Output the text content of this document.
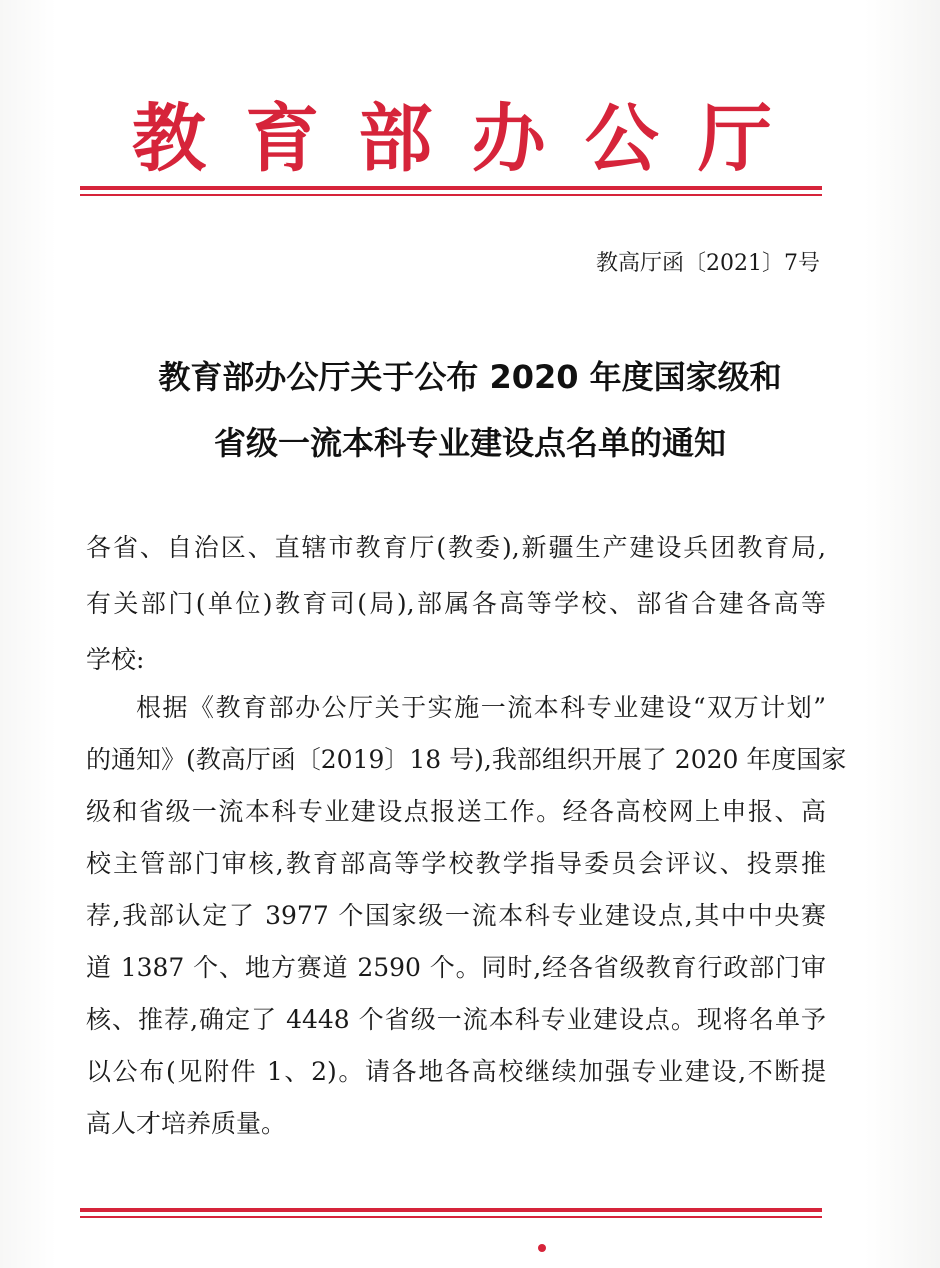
教 育 部 办 公 厅
教高厅函〔2021〕7号
教育部办公厅关于公布 2020 年度国家级和
省级一流本科专业建设点名单的通知
各省、自治区、直辖市教育厅(教委),新疆生产建设兵团教育局,
有关部门(单位)教育司(局),部属各高等学校、部省合建各高等
学校:
根据《教育部办公厅关于实施一流本科专业建设“双万计划”
的通知》(教高厅函〔2019〕18 号),我部组织开展了 2020 年度国家
级和省级一流本科专业建设点报送工作。经各高校网上申报、高
校主管部门审核,教育部高等学校教学指导委员会评议、投票推
荐,我部认定了 3977 个国家级一流本科专业建设点,其中中央赛
道 1387 个、地方赛道 2590 个。同时,经各省级教育行政部门审
核、推荐,确定了 4448 个省级一流本科专业建设点。现将名单予
以公布(见附件 1、2)。请各地各高校继续加强专业建设,不断提
高人才培养质量。
